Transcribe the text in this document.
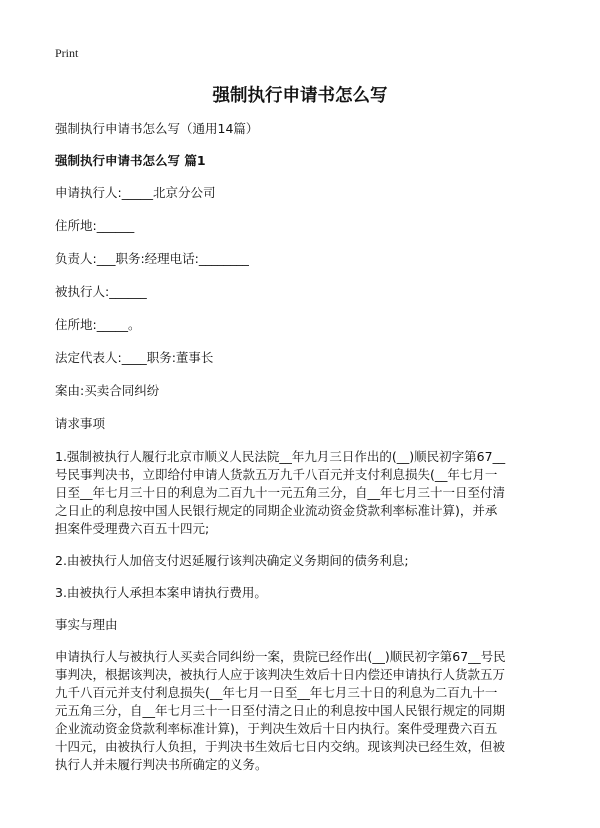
Print
强制执行申请书怎么写

强制执行申请书怎么写（通用14篇）

强制执行申请书怎么写 篇1

申请执行人:_____北京分公司

住所地:______

负责人:___职务:经理电话:________

被执行人:______

住所地:_____。

法定代表人:____职务:董事长

案由:买卖合同纠纷

请求事项

1.强制被执行人履行北京市顺义人民法院__年九月三日作出的(__)顺民初字第67__

号民事判决书，立即给付申请人货款五万九千八百元并支付利息损失(__年七月一

日至__年七月三十日的利息为二百九十一元五角三分，自__年七月三十一日至付清

之日止的利息按中国人民银行规定的同期企业流动资金贷款利率标准计算)，并承

担案件受理费六百五十四元;

2.由被执行人加倍支付迟延履行该判决确定义务期间的债务利息;

3.由被执行人承担本案申请执行费用。

事实与理由

申请执行人与被执行人买卖合同纠纷一案，贵院已经作出(__)顺民初字第67__号民

事判决，根据该判决，被执行人应于该判决生效后十日内偿还申请执行人货款五万

九千八百元并支付利息损失(__年七月一日至__年七月三十日的利息为二百九十一

元五角三分，自__年七月三十一日至付清之日止的利息按中国人民银行规定的同期

企业流动资金贷款利率标准计算)，于判决生效后十日内执行。案件受理费六百五

十四元，由被执行人负担，于判决书生效后七日内交纳。现该判决已经生效，但被

执行人并未履行判决书所确定的义务。
